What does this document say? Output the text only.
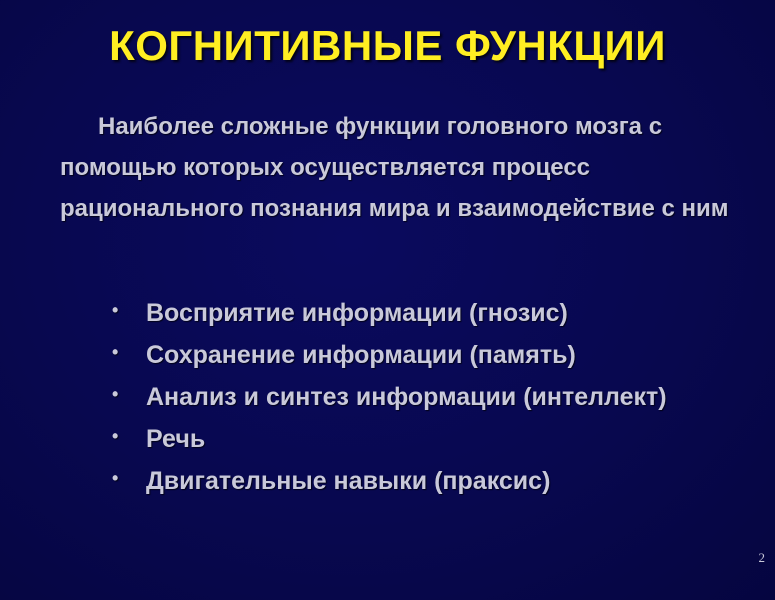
КОГНИТИВНЫЕ ФУНКЦИИ
Наиболее сложные функции головного мозга с помощью которых осуществляется процесс рационального познания мира и взаимодействие с ним
• Восприятие информации (гнозис)
• Сохранение информации (память)
• Анализ и синтез информации (интеллект)
• Речь
• Двигательные навыки (праксис)
2
